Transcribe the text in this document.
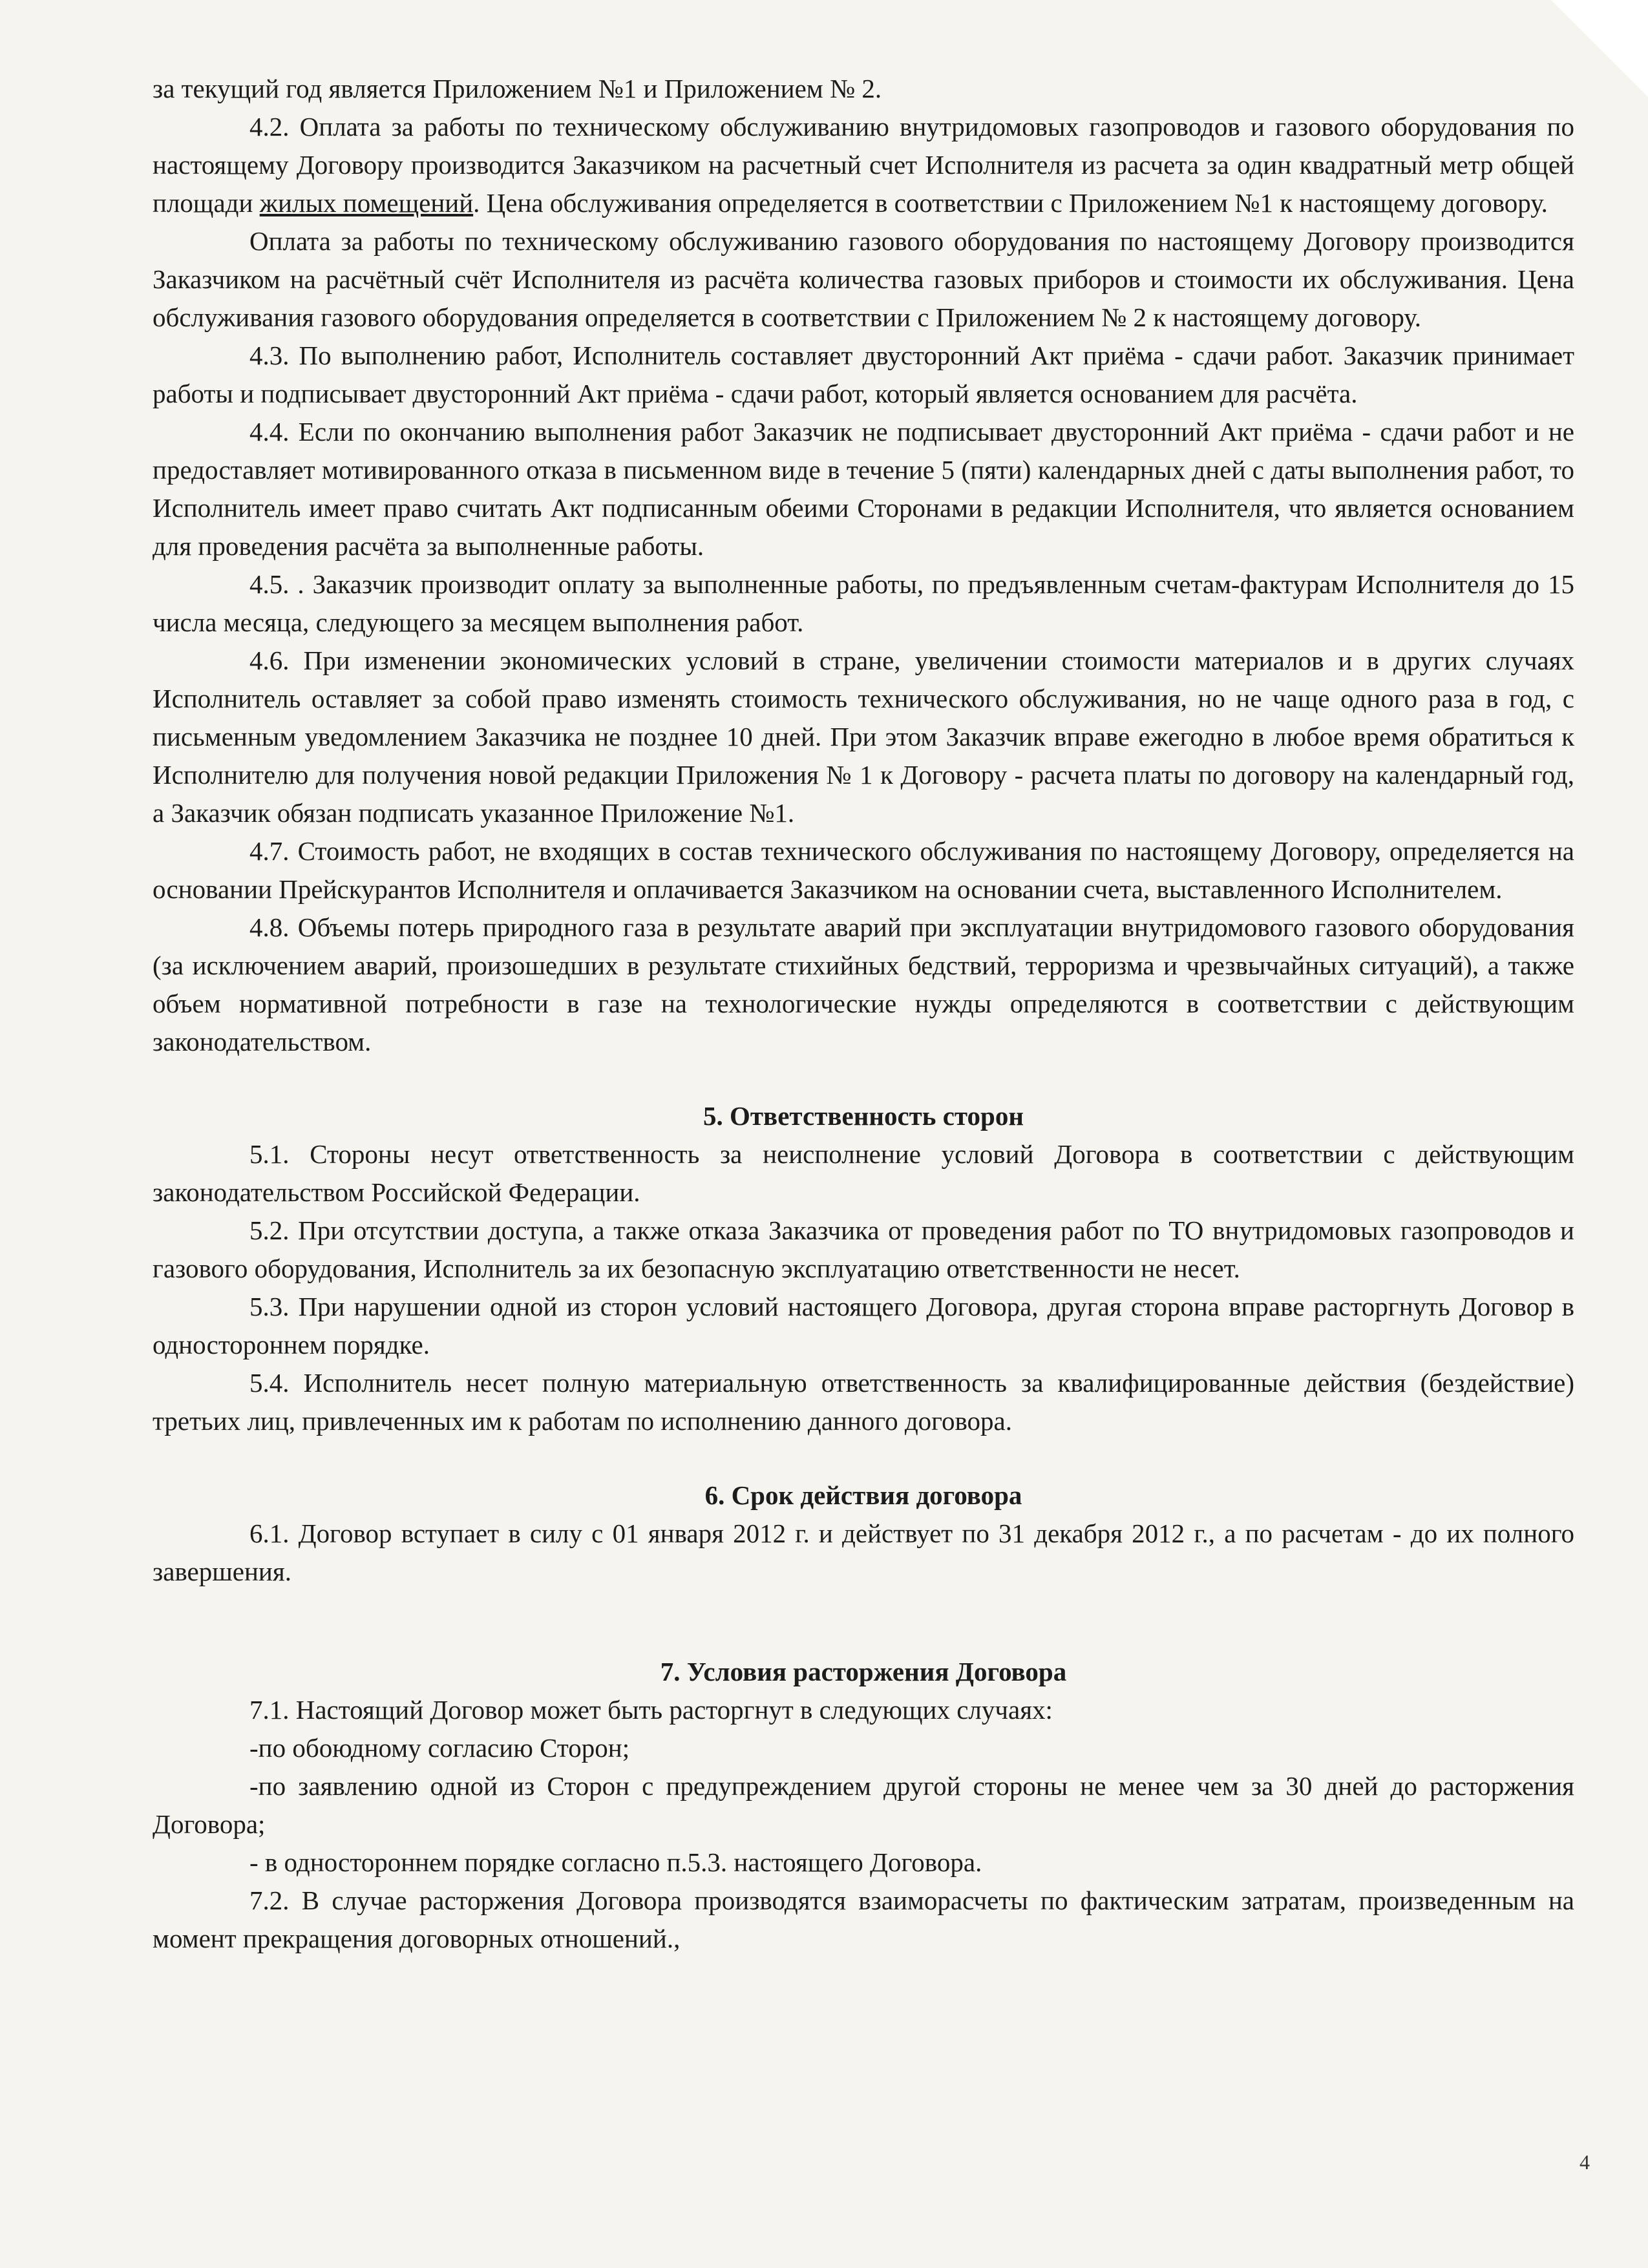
за текущий год является Приложением №1 и Приложением № 2.

4.2. Оплата за работы по техническому обслуживанию внутридомовых газопроводов и газового оборудования по настоящему Договору производится Заказчиком на расчетный счет Исполнителя из расчета за один квадратный метр общей площади жилых помещений. Цена обслуживания определяется в соответствии с Приложением №1 к настоящему договору.

Оплата за работы по техническому обслуживанию газового оборудования по настоящему Договору производится Заказчиком на расчётный счёт Исполнителя из расчёта количества газовых приборов и стоимости их обслуживания. Цена обслуживания газового оборудования определяется в соответствии с Приложением № 2 к настоящему договору.

4.3. По выполнению работ, Исполнитель составляет двусторонний Акт приёма - сдачи работ. Заказчик принимает работы и подписывает двусторонний Акт приёма - сдачи работ, который является основанием для расчёта.

4.4. Если по окончанию выполнения работ Заказчик не подписывает двусторонний Акт приёма - сдачи работ и не предоставляет мотивированного отказа в письменном виде в течение 5 (пяти) календарных дней с даты выполнения работ, то Исполнитель имеет право считать Акт подписанным обеими Сторонами в редакции Исполнителя, что является основанием для проведения расчёта за выполненные работы.

4.5. . Заказчик производит оплату за выполненные работы, по предъявленным счетам-фактурам Исполнителя до 15 числа месяца, следующего за месяцем выполнения работ.

4.6. При изменении экономических условий в стране, увеличении стоимости материалов и в других случаях Исполнитель оставляет за собой право изменять стоимость технического обслуживания, но не чаще одного раза в год, с письменным уведомлением Заказчика не позднее 10 дней. При этом Заказчик вправе ежегодно в любое время обратиться к Исполнителю для получения новой редакции Приложения № 1 к Договору - расчета платы по договору на календарный год, а Заказчик обязан подписать указанное Приложение №1.

4.7. Стоимость работ, не входящих в состав технического обслуживания по настоящему Договору, определяется на основании Прейскурантов Исполнителя и оплачивается Заказчиком на основании счета, выставленного Исполнителем.

4.8. Объемы потерь природного газа в результате аварий при эксплуатации внутридомового газового оборудования (за исключением аварий, произошедших в результате стихийных бедствий, терроризма и чрезвычайных ситуаций), а также объем нормативной потребности в газе на технологические нужды определяются в соответствии с действующим законодательством.

5. Ответственность сторон

5.1. Стороны несут ответственность за неисполнение условий Договора в соответствии с действующим законодательством Российской Федерации.

5.2. При отсутствии доступа, а также отказа Заказчика от проведения работ по ТО внутридомовых газопроводов и газового оборудования, Исполнитель за их безопасную эксплуатацию ответственности не несет.

5.3. При нарушении одной из сторон условий настоящего Договора, другая сторона вправе расторгнуть Договор в одностороннем порядке.

5.4. Исполнитель несет полную материальную ответственность за квалифицированные действия (бездействие) третьих лиц, привлеченных им к работам по исполнению данного договора.

6. Срок действия договора

6.1. Договор вступает в силу с 01 января 2012 г. и действует по 31 декабря 2012 г., а по расчетам - до их полного завершения.

7. Условия расторжения Договора

7.1. Настоящий Договор может быть расторгнут в следующих случаях:

-по обоюдному согласию Сторон;

-по заявлению одной из Сторон с предупреждением другой стороны не менее чем за 30 дней до расторжения Договора;

- в одностороннем порядке согласно п.5.3. настоящего Договора.

7.2. В случае расторжения Договора производятся взаиморасчеты по фактическим затратам, произведенным на момент прекращения договорных отношений.,

4
